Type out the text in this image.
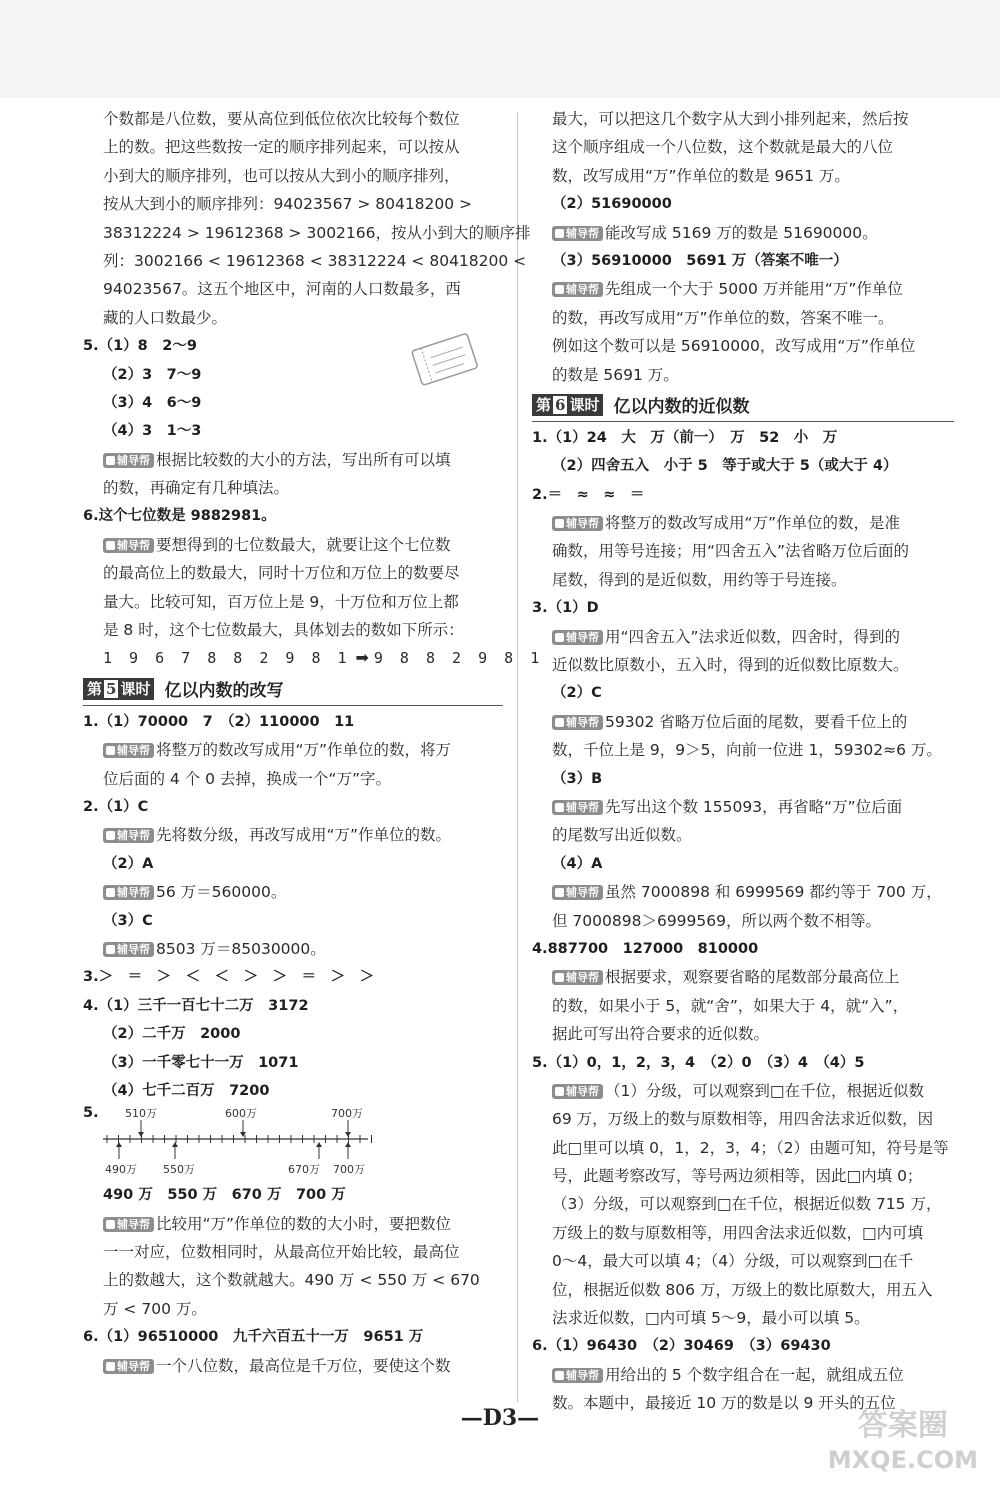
个数都是八位数，要从高位到低位依次比较每个数位
上的数。把这些数按一定的顺序排列起来，可以按从
小到大的顺序排列，也可以按从大到小的顺序排列，
按从大到小的顺序排列：94023567 > 80418200 >
38312224 > 19612368 > 3002166，按从小到大的顺序排
列：3002166 < 19612368 < 38312224 < 80418200 <
94023567。这五个地区中，河南的人口数最多，西
藏的人口数最少。
5.（1）8　2～9
（2）3　7～9
（3）4　6～9
（4）3　1～3
辅导帮 根据比较数的大小的方法，写出所有可以填
的数，再确定有几种填法。
6.这个七位数是 9882981。
辅导帮 要想得到的七位数最大，就要让这个七位数
的最高位上的数最大，同时十万位和万位上的数要尽
量大。比较可知，百万位上是 9，十万位和万位上都
是 8 时，这个七位数最大，具体划去的数如下所示：
1 9 6 7 8 8 2 9 8 1 ➡ 9 8 8 2 9 8 1
第 5 课时 亿以内数的改写
1.（1）70000　7　（2）110000　11
辅导帮 将整万的数改写成用“万”作单位的数，将万
位后面的 4 个 0 去掉，换成一个“万”字。
2.（1）C
辅导帮 先将数分级，再改写成用“万”作单位的数。
（2）A
辅导帮 56 万＝560000。
（3）C
辅导帮 8503 万＝85030000。
3.＞　＝　＞　＜　＜　＞　＞　＝　＞　＞
4.（1）三千一百七十二万　3172
（2）二千万　2000
（3）一千零七十一万　1071
（4）七千二百万　7200
5. 510万	600万	700万
490万 550万	670万 700万
490 万　550 万　670 万　700 万
辅导帮 比较用“万”作单位的数的大小时，要把数位
一一对应，位数相同时，从最高位开始比较，最高位
上的数越大，这个数就越大。490 万 < 550 万 < 670
万 < 700 万。
6.（1）96510000　九千六百五十一万　9651 万
辅导帮 一个八位数，最高位是千万位，要使这个数
最大，可以把这几个数字从大到小排列起来，然后按
这个顺序组成一个八位数，这个数就是最大的八位
数，改写成用“万”作单位的数是 9651 万。
（2）51690000
辅导帮 能改写成 5169 万的数是 51690000。
（3）56910000　5691 万（答案不唯一）
辅导帮 先组成一个大于 5000 万并能用“万”作单位
的数，再改写成用“万”作单位的数，答案不唯一。
例如这个数可以是 56910000，改写成用“万”作单位
的数是 5691 万。
第 6 课时 亿以内数的近似数
1.（1）24　大　万（前一）　万　52　小　万
（2）四舍五入　小于 5　等于或大于 5（或大于 4）
2.＝　≈　≈　＝
辅导帮 将整万的数改写成用“万”作单位的数，是准
确数，用等号连接；用“四舍五入”法省略万位后面的
尾数，得到的是近似数，用约等于号连接。
3.（1）D
辅导帮 用“四舍五入”法求近似数，四舍时，得到的
近似数比原数小，五入时，得到的近似数比原数大。
（2）C
辅导帮 59302 省略万位后面的尾数，要看千位上的
数，千位上是 9，9＞5，向前一位进 1，59302≈6 万。
（3）B
辅导帮 先写出这个数 155093，再省略“万”位后面
的尾数写出近似数。
（4）A
辅导帮 虽然 7000898 和 6999569 都约等于 700 万，
但 7000898＞6999569，所以两个数不相等。
4.887700　127000　810000
辅导帮 根据要求，观察要省略的尾数部分最高位上
的数，如果小于 5，就“舍”，如果大于 4，就“入”，
据此可写出符合要求的近似数。
5.（1）0，1，2，3，4　（2）0　（3）4　（4）5
辅导帮 （1）分级，可以观察到□在千位，根据近似数
69 万，万级上的数与原数相等，用四舍法求近似数，因
此□里可以填 0，1，2，3，4；（2）由题可知，符号是等
号，此题考察改写，等号两边须相等，因此□内填 0；
（3）分级，可以观察到□在千位，根据近似数 715 万，
万级上的数与原数相等，用四舍法求近似数，□内可填
0～4，最大可以填 4；（4）分级，可以观察到□在千
位，根据近似数 806 万，万级上的数比原数大，用五入
法求近似数，□内可填 5～9，最小可以填 5。
6.（1）96430　（2）30469　（3）69430
辅导帮 用给出的 5 个数字组合在一起，就组成五位
数。本题中，最接近 10 万的数是以 9 开头的五位
—D3—	答案圈
MXQE.COM
